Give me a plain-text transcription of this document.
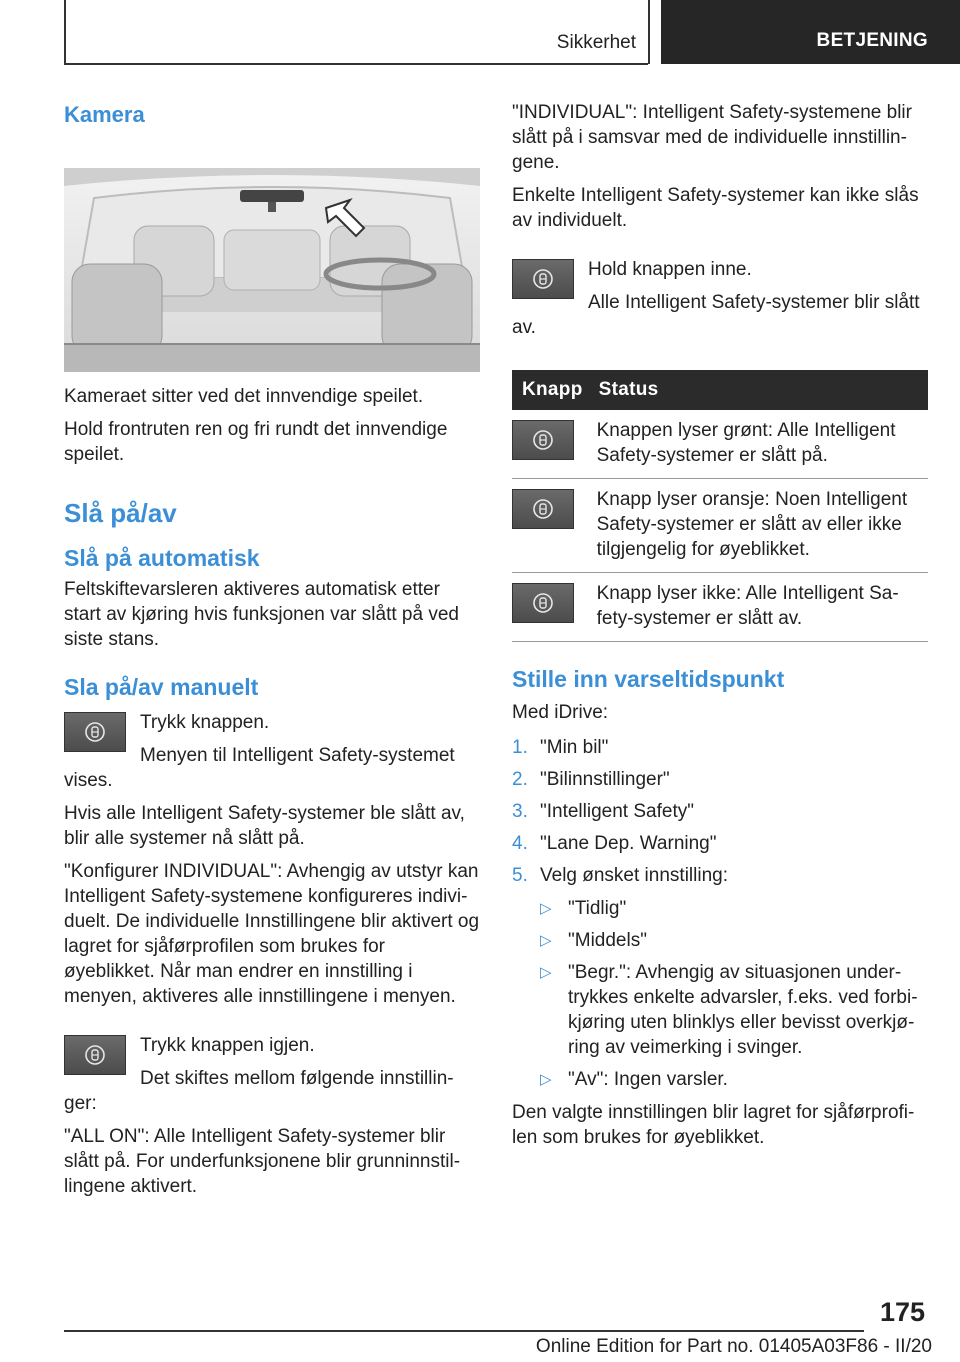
Sikkerhet	BETJENING
Kamera

Kameraet sitter ved det innvendige speilet.

Hold frontruten ren og fri rundt det innvendige speilet.

Slå på/av
Slå på automatisk

Feltskiftevarsleren aktiveres automatisk etter start av kjøring hvis funksjonen var slått på ved siste stans.

Sla på/av manuelt

Trykk knappen.

Menyen til Intelligent Safety-systemet vises.

Hvis alle Intelligent Safety-systemer ble slått av, blir alle systemer nå slått på.

"Konfigurer INDIVIDUAL": Avhengig av utstyr kan Intelligent Safety-systemene konfigureres individuelt. De individuelle Innstillingene blir aktivert og lagret for sjåførprofilen som brukes for øyeblikket. Når man endrer en innstilling i menyen, aktiveres alle innstillingene i menyen.

Trykk knappen igjen.

Det skiftes mellom følgende innstillinger:

"ALL ON": Alle Intelligent Safety-systemer blir slått på. For underfunksjonene blir grunninnstillingene aktivert.

"INDIVIDUAL": Intelligent Safety-systemene blir slått på i samsvar med de individuelle innstillingene.

Enkelte Intelligent Safety-systemer kan ikke slås av individuelt.

Hold knappen inne.

Alle Intelligent Safety-systemer blir slått av.

Knapp	Status

	Knappen lyser grønt: Alle Intelligent Safety-systemer er slått på.

	Knapp lyser oransje: Noen Intelligent Safety-systemer er slått av eller ikke tilgjengelig for øyeblikket.

	Knapp lyser ikke: Alle Intelligent Safety-systemer er slått av.
Stille inn varseltidspunkt

Med iDrive:

1. "Min bil"
2. "Bilinnstillinger"
3. "Intelligent Safety"
4. "Lane Dep. Warning"
5. Velg ønsket innstilling:
▷ "Tidlig"
▷ "Middels"
▷ "Begr.": Avhengig av situasjonen undertrykkes enkelte advarsler, f.eks. ved forbikjøring uten blinklys eller bevisst overkjøring av veimerking i svinger.
▷ "Av": Ingen varsler.

Den valgte innstillingen blir lagret for sjåførprofilen som brukes for øyeblikket.

175
Online Edition for Part no. 01405A03F86 - II/20
